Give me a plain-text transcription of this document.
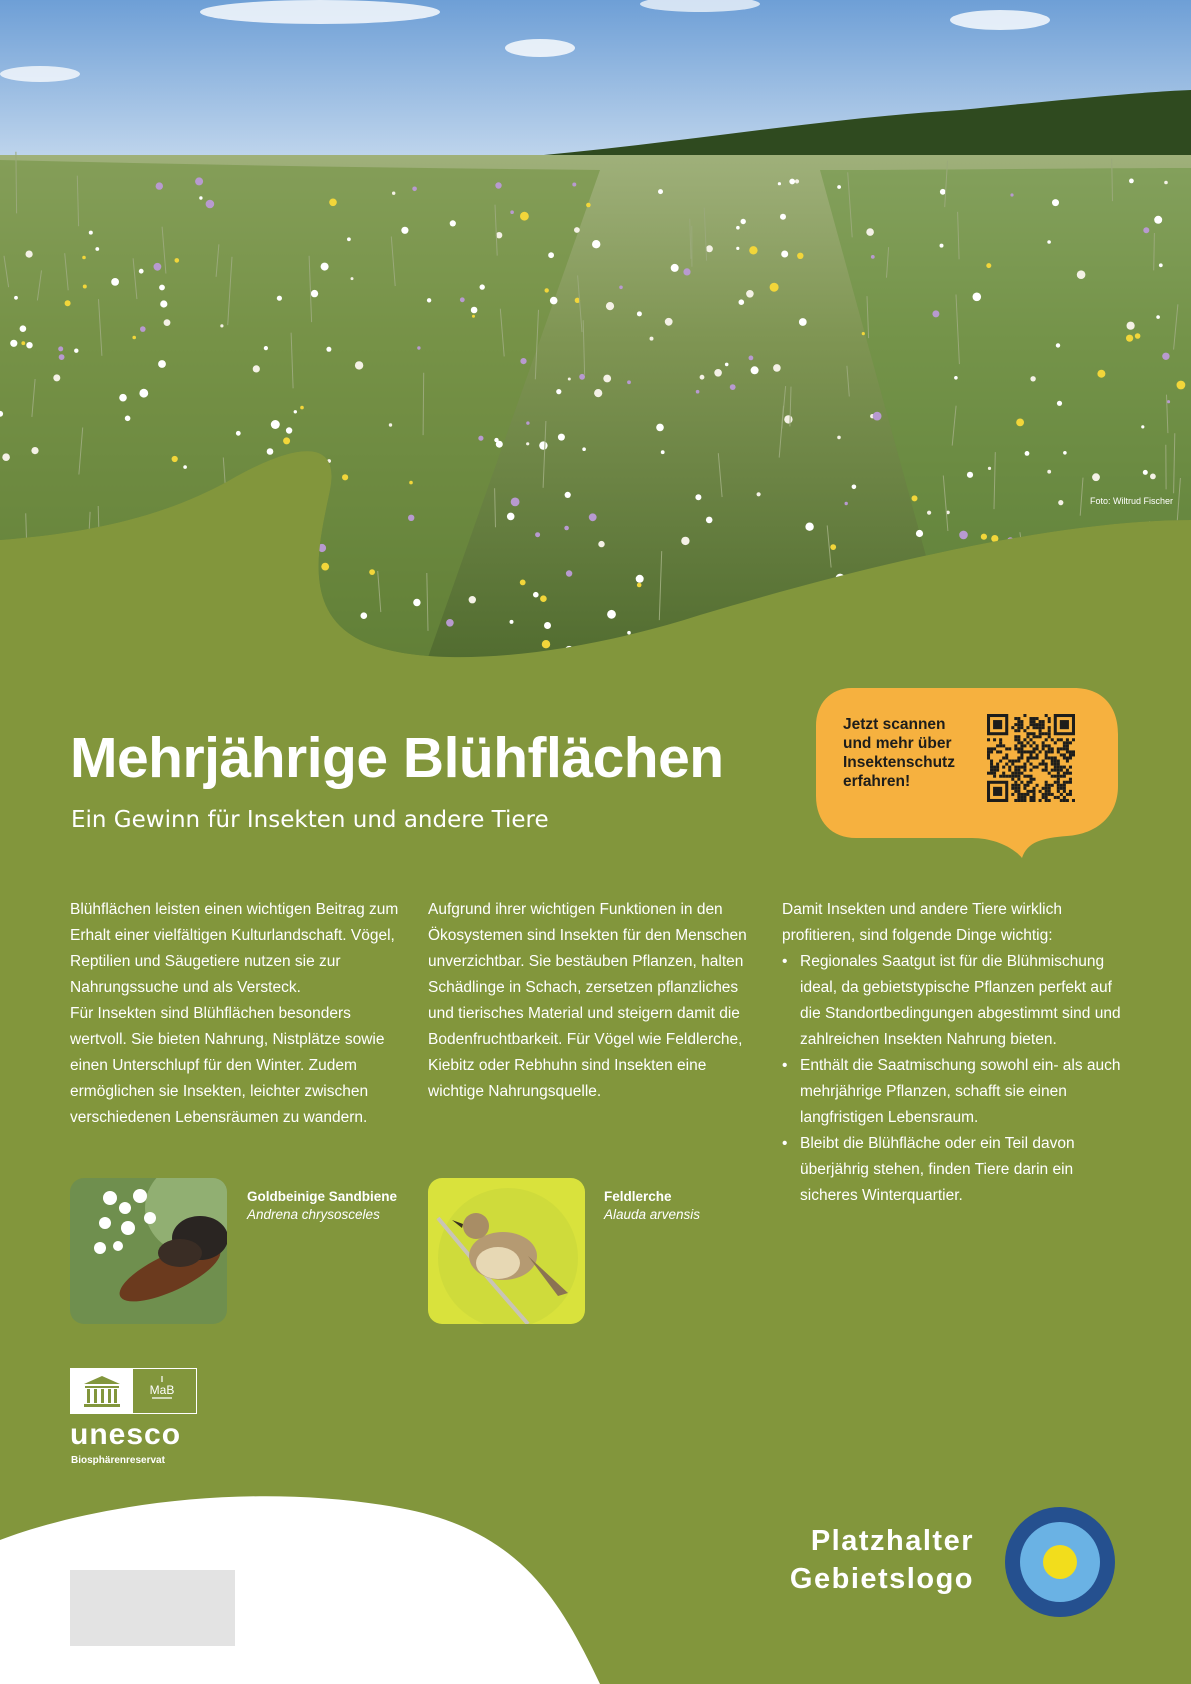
Foto: Wiltrud Fischer
Mehrjährige Blühflächen
Ein Gewinn für Insekten und andere Tiere
Jetzt scannen und mehr über Insektenschutz erfahren!

Blühflächen leisten einen wichtigen Beitrag zum Erhalt einer vielfältigen Kulturlandschaft. Vögel, Reptilien und Säugetiere nutzen sie zur Nahrungssuche und als Versteck.

Für Insekten sind Blühflächen besonders wertvoll. Sie bieten Nahrung, Nistplätze sowie einen Unterschlupf für den Winter. Zudem ermöglichen sie Insekten, leichter zwischen verschiedenen Lebensräumen zu wandern.

Aufgrund ihrer wichtigen Funktionen in den Ökosystemen sind Insekten für den Menschen unverzichtbar. Sie bestäuben Pflanzen, halten Schädlinge in Schach, zersetzen pflanzliches und tierisches Material und steigern damit die Bodenfruchtbarkeit. Für Vögel wie Feldlerche, Kiebitz oder Rebhuhn sind Insekten eine wichtige Nahrungsquelle.

Damit Insekten und andere Tiere wirklich profitieren, sind folgende Dinge wichtig:

• Regionales Saatgut ist für die Blühmischung ideal, da gebietstypische Pflanzen perfekt auf die Standortbedingungen abgestimmt sind und zahlreichen Insekten Nahrung bieten.
• Enthält die Saatmischung sowohl ein- als auch mehrjährige Pflanzen, schafft sie einen langfristigen Lebensraum.
• Bleibt die Blühfläche oder ein Teil davon überjährig stehen, finden Tiere darin ein sicheres Winterquartier.
Goldbeinige Sandbiene
Andrena chrysosceles
Feldlerche
Alauda arvensis
MaB
unesco
Biosphärenreservat
Platzhalter
Gebietslogo
